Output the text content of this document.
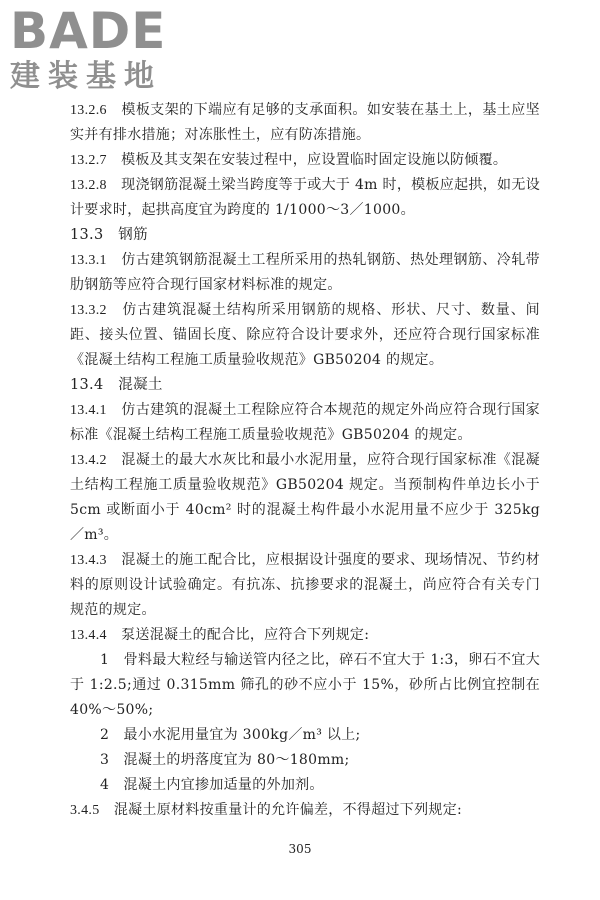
BADE
建装基地

13.2.6　 模板支架的下端应有足够的支承面积。如安装在基土上，基土应坚实并有排水措施；对冻胀性土，应有防冻措施。

13.2.7　 模板及其支架在安装过程中，应设置临时固定设施以防倾覆。

13.2.8　 现浇钢筋混凝土梁当跨度等于或大于 4m 时，模板应起拱，如无设计要求时，起拱高度宜为跨度的 1/1000～3／1000。

13.3　钢筋

13.3.1　 仿古建筑钢筋混凝土工程所采用的热轧钢筋、热处理钢筋、冷轧带肋钢筋等应符合现行国家材料标准的规定。

13.3.2　 仿古建筑混凝土结构所采用钢筋的规格、形状、尺寸、数量、间距、接头位置、锚固长度、除应符合设计要求外，还应符合现行国家标准《混凝土结构工程施工质量验收规范》GB50204 的规定。

13.4　混凝土

13.4.1　 仿古建筑的混凝土工程除应符合本规范的规定外尚应符合现行国家标准《混凝土结构工程施工质量验收规范》GB50204 的规定。

13.4.2　 混凝土的最大水灰比和最小水泥用量，应符合现行国家标准《混凝土结构工程施工质量验收规范》GB50204 规定。当预制构件单边长小于 5cm 或断面小于 40cm² 时的混凝土构件最小水泥用量不应少于 325kg／m³。

13.4.3　 混凝土的施工配合比，应根据设计强度的要求、现场情况、节约材料的原则设计试验确定。有抗冻、抗掺要求的混凝土，尚应符合有关专门规范的规定。

13.4.4　 泵送混凝土的配合比，应符合下列规定:

1　 骨料最大粒经与输送管内径之比，碎石不宜大于 1:3，卵石不宜大于 1:2.5;通过 0.315mm 筛孔的砂不应小于 15%，砂所占比例宜控制在 40%～50%;

2　 最小水泥用量宜为 300kg／m³ 以上;

3　 混凝土的坍落度宜为 80～180mm;

4　 混凝土内宜掺加适量的外加剂。

3.4.5　 混凝土原材料按重量计的允许偏差，不得超过下列规定:

305
